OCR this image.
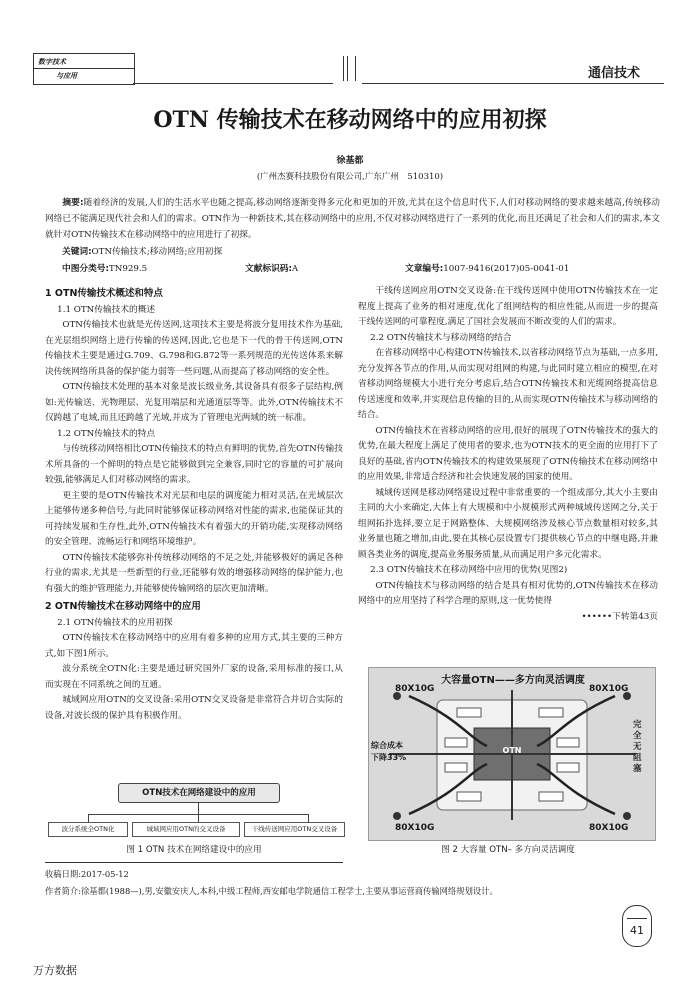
数字技术
与应用	通信技术
OTN 传输技术在移动网络中的应用初探
徐基都
(广州杰赛科技股份有限公司,广东广州　510310)
摘要:随着经济的发展,人们的生活水平也随之提高,移动网络逐渐变得多元化和更加的开放,尤其在这个信息时代下,人们对移动网络的要求越来越高,传统移动网络已不能满足现代社会和人们的需求。OTN作为一种新技术,其在移动网络中的应用,不仅对移动网络进行了一系列的优化,而且还满足了社会和人们的需求,本文就针对OTN传输技术在移动网络中的应用进行了初探。
关键词:OTN传输技术;移动网络;应用初探
中图分类号:TN929.5	文献标识码:A	文章编号:1007-9416(2017)05-0041-01
1 OTN传输技术概述和特点

1.1 OTN传输技术的概述

OTN传输技术也就是光传送网,这项技术主要是将波分复用技术作为基础,在光层组织网络上进行传输的传送网,因此,它也是下一代的骨干传送网,OTN传输技术主要是通过G.709、G.798和G.872等一系列规范的光传送体系来解决传统网络所具备的保护能力弱等一些问题,从而提高了移动网络的安全性。

OTN传输技术处理的基本对象是波长级业务,其设备具有很多子层结构,例如:光传输送、光物理层、光复用端层和光通道层等等。此外,OTN传输技术不仅跨越了电域,而且还跨越了光域,并成为了管理电光两域的统一标准。

1.2 OTN传输技术的特点

与传统移动网络相比OTN传输技术的特点有鲜明的优势,首先OTN传输技术所具备的一个鲜明的特点是它能够做到完全兼容,同时它的容量的可扩展向较强,能够满足人们对移动网络的需求。

更主要的是OTN传输技术对光层和电层的调度能力相对灵活,在光域层次上能够传递多种信号,与此同时能够保证移动网络对性能的需求,也能保证其的可持续发展和生存性,此外,OTN传输技术有着强大的开销功能,实现移动网络的安全管理、流畅运行和网络环境维护。

OTN传输技术能够弥补传统移动网络的不足之处,并能够极好的满足各种行业的需求,尤其是一些新型的行业,还能够有效的增强移动网络的保护能力,也有强大的维护管理能力,并能够使传输网络的层次更加清晰。

2 OTN传输技术在移动网络中的应用

2.1 OTN传输技术的应用初探

OTN传输技术在移动网络中的应用有着多种的应用方式,其主要的三种方式,如下图1所示。

波分系统全OTN化:主要是通过研究国外厂家的设备,采用标准的接口,从而实现在不同系统之间的互通。

城域网应用OTN的交叉设备:采用OTN交叉设备是非常符合并切合实际的设备,对波长级的保护具有积极作用。

OTN技术在网络建设中的应用
波分系统全OTN化	城域网应用OTN的交叉设备	干线传送网应用OTN交叉设备
图 1 OTN 技术在网络建设中的应用

干线传送网应用OTN交叉设备:在干线传送网中使用OTN传输技术在一定程度上提高了业务的相对速度,优化了组网结构的相应性能,从而进一步的提高干线传送网的可靠程度,满足了国社会发展而不断改变的人们的需求。

2.2 OTN传输技术与移动网络的结合

在省移动网络中心构建OTN传输技术,以省移动网络节点为基础,一点多用,充分发挥各节点的作用,从而实现对组网的构建,与此同时建立相应的模型,在对省移动网络规模大小进行充分考虑后,结合OTN传输技术和光缆网络提高信息传送速度和效率,并实现信息传输的目的,从而实现OTN传输技术与移动网络的结合。

OTN传输技术在省移动网络的应用,很好的展现了OTN传输技术的强大的优势,在最大程度上满足了使用者的要求,也为OTN技术的更全面的应用打下了良好的基础,省内OTN传输技术的构建效果展现了OTN传输技术在移动网络中的应用效果,非常适合经济和社会快速发展的国家的使用。

城域传送网是移动网络建设过程中非常重要的一个组成部分,其大小主要由主同的大小来确定,大体上有大规模和中小规模形式两种城域传送网之分,关于组网拓扑选择,要立足于网路整体、大规模网络涉及核心节点数量相对较多,其业务量也随之增加,由此,要在其核心层设置专门提供核心节点的中继电路,并兼顾各类业务的调度,提高业务服务质量,从而满足用户多元化需求。

2.3 OTN传输技术在移动网络中应用的优势(见图2)

OTN传输技术与移动网络的结合是具有相对优势的,OTN传输技术在移动网络中的应用坚持了科学合理的原则,这一优势使得

••••••下转第43页
大容量OTN——多方向灵活调度
80X10G	80X10G
80X10G	80X10G
综合成本
下降33%
完全无阻塞
OTN
图 2 大容量 OTN– 多方向灵活调度
收稿日期:2017-05-12
作者简介:徐基都(1988—),男,安徽安庆人,本科,中级工程师,西安邮电学院通信工程学士,主要从事运营商传输网络规划设计。
41
万方数据
